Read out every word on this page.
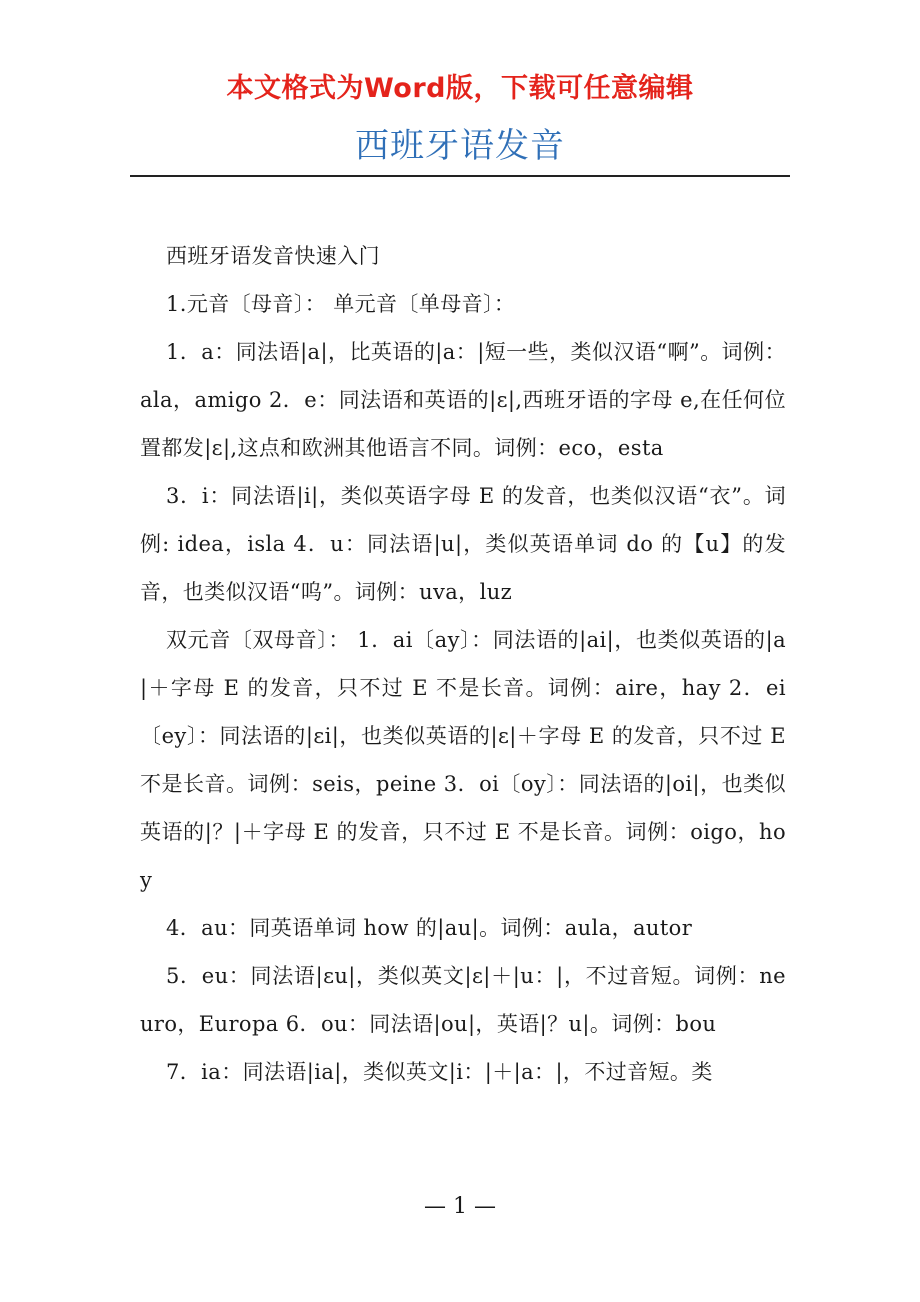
本文格式为Word版，下载可任意编辑
西班牙语发音

西班牙语发音快速入门

1.元音〔母音〕： 单元音〔单母音〕：

1．a：同法语|a|，比英语的|a：|短一些，类似汉语“啊”。词例：ala，amigo 2．e：同法语和英语的|ε|,西班牙语的字母 e,在任何位置都发|ε|,这点和欧洲其他语言不同。词例：eco，esta

3．i：同法语|i|，类似英语字母 E 的发音，也类似汉语“衣”。词例: idea，isla 4．u：同法语|u|，类似英语单词 do 的【u】的发音，也类似汉语“呜”。词例：uva，luz

双元音〔双母音〕： 1．ai〔ay〕：同法语的|ai|，也类似英语的|a|＋字母 E 的发音，只不过 E 不是长音。词例：aire，hay 2．ei〔ey〕：同法语的|εi|，也类似英语的|ε|＋字母 E 的发音，只不过 E 不是长音。词例：seis，peine 3．oi〔oy〕：同法语的|oi|，也类似英语的|？|＋字母 E 的发音，只不过 E 不是长音。词例：oigo，hoy

4．au：同英语单词 how 的|au|。词例：aula，autor

5．eu：同法语|εu|，类似英文|ε|＋|u：|，不过音短。词例：neuro，Europa 6．ou：同法语|ou|，英语|？u|。词例：bou

7．ia：同法语|ia|，类似英文|i：|＋|a：|，不过音短。类

— 1 —
